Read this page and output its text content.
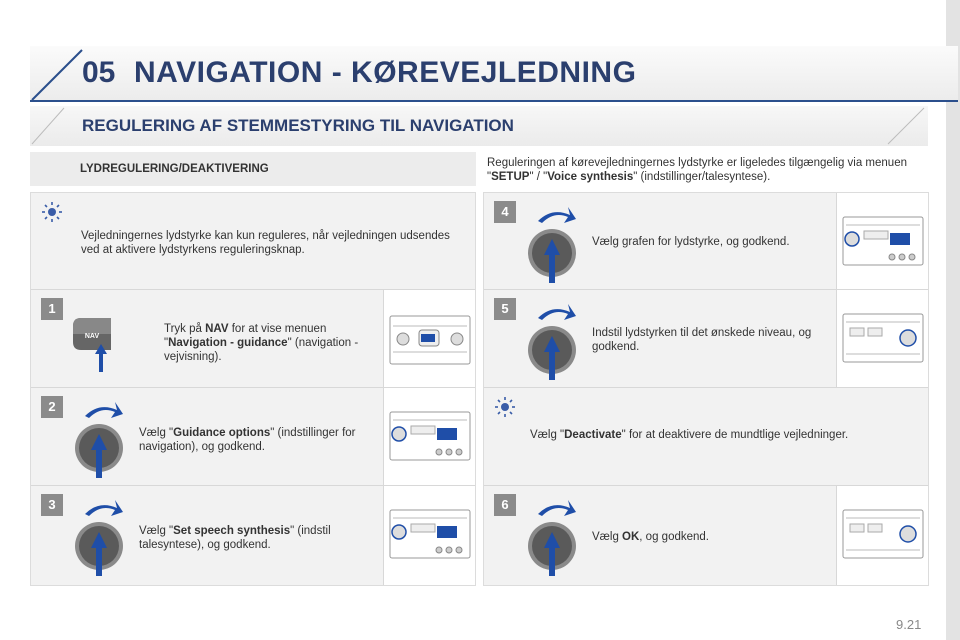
05 NAVIGATION - KØREVEJLEDNING
REGULERING AF STEMMESTYRING TIL NAVIGATION
LYDREGULERING/DEAKTIVERING	Reguleringen af kørevejledningernes lydstyrke er ligeledes tilgængelig via menuen "SETUP" / "Voice synthesis" (indstillinger/talesyntese).
Vejledningernes lydstyrke kan kun reguleres, når vejledningen udsendes ved at aktivere lydstyrkens reguleringsknap.
1
NAV
Tryk på NAV for at vise menuen "Navigation - guidance" (navigation - vejvisning).
2
Vælg "Guidance options" (indstillinger for navigation), og godkend.
3
Vælg "Set speech synthesis" (indstil talesyntese), og godkend.
4
Vælg grafen for lydstyrke, og godkend.
5
Indstil lydstyrken til det ønskede niveau, og godkend.
Vælg "Deactivate" for at deaktivere de mundtlige vejledninger.
6
Vælg OK, og godkend.
9.21
